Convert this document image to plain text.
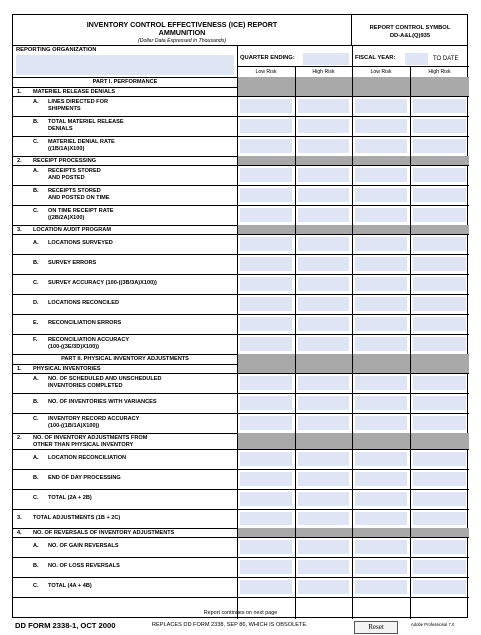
INVENTORY CONTROL EFFECTIVENESS (ICE) REPORT
AMMUNITION
(Dollar Data Expressed in Thousands)
REPORT CONTROL SYMBOL
DD-A&L(Q)935
REPORTING ORGANIZATION
QUARTER ENDING:	FISCAL YEAR:	TO DATE
Low Risk	High Risk	Low Risk	High Risk
PART I. PERFORMANCE
1. MATERIEL RELEASE DENIALS
A. LINES DIRECTED FOR
SHIPMENTS
B. TOTAL MATERIEL RELEASE
DENIALS
C. MATERIEL DENIAL RATE
((1B/1A)X100)
2. RECEIPT PROCESSING
A. RECEIPTS STORED
AND POSTED
B. RECEIPTS STORED
AND POSTED ON TIME
C. ON TIME RECEIPT RATE
((2B/2A)X100)
3. LOCATION AUDIT PROGRAM
A. LOCATIONS SURVEYED
B. SURVEY ERRORS
C. SURVEY ACCURACY (100-((3B/3A)X100))
D. LOCATIONS RECONCILED
E. RECONCILIATION ERRORS
F. RECONCILIATION ACCURACY
(100-((3E/3D)X100))
PART II. PHYSICAL INVENTORY ADJUSTMENTS
1. PHYSICAL INVENTORIES
A. NO. OF SCHEDULED AND UNSCHEDULED
INVENTORIES COMPLETED
B. NO. OF INVENTORIES WITH VARIANCES
C. INVENTORY RECORD ACCURACY
(100-((1B/1A)X100))
2. NO. OF INVENTORY ADJUSTMENTS FROM
OTHER THAN PHYSICAL INVENTORY
A. LOCATION RECONCILIATION
B. END OF DAY PROCESSING
C. TOTAL (2A + 2B)
3. TOTAL ADJUSTMENTS (1B + 2C)
4. NO. OF REVERSALS OF INVENTORY ADJUSTMENTS
A. NO. OF GAIN REVERSALS
B. NO. OF LOSS REVERSALS
C. TOTAL (4A + 4B)
Report continues on next page
DD FORM 2338-1, OCT 2000	REPLACES DD FORM 2338, SEP 86, WHICH IS OBSOLETE.	Reset	Adobe Professional 7.0
